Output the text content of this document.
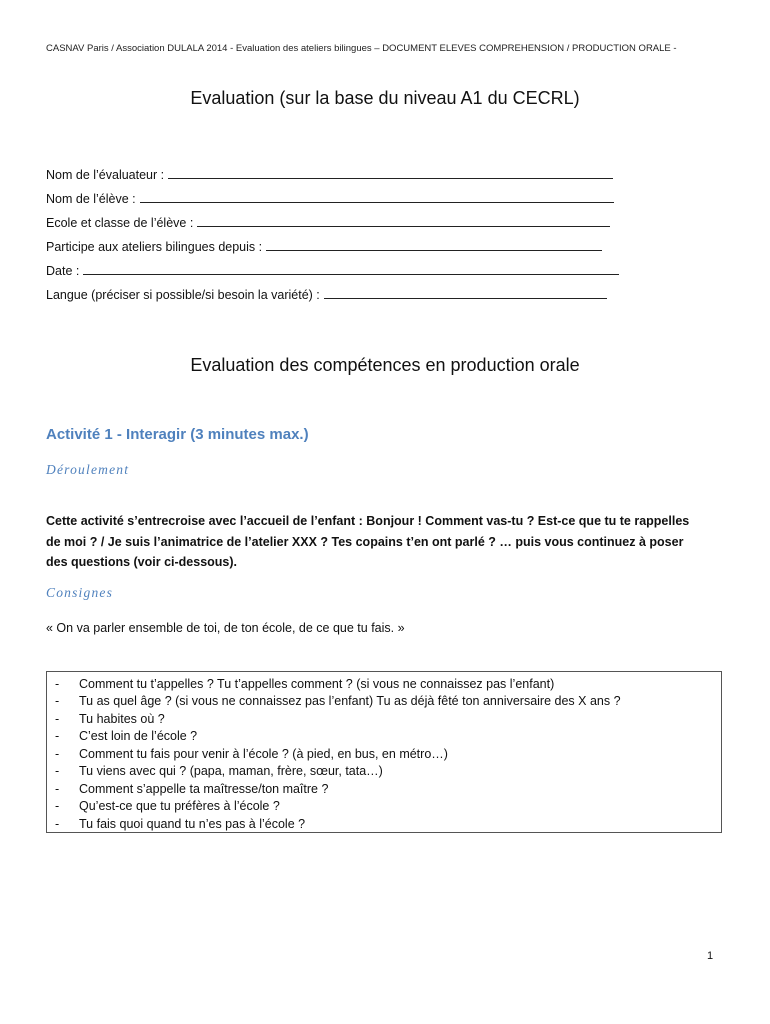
CASNAV Paris / Association DULALA 2014 - Evaluation des ateliers bilingues – DOCUMENT ELEVES COMPREHENSION / PRODUCTION ORALE -
Evaluation (sur la base du niveau A1 du CECRL)
Nom de l’évaluateur :
Nom de l’élève :
Ecole et classe de l’élève :
Participe aux ateliers bilingues depuis :
Date :
Langue (préciser si possible/si besoin la variété) :
Evaluation des compétences en production orale
Activité 1 - Interagir (3 minutes max.)
Déroulement
Cette activité s’entrecroise avec l’accueil de l’enfant : Bonjour ! Comment vas-tu ? Est-ce que tu te rappelles de moi ? / Je suis l’animatrice de l’atelier XXX ? Tes copains t’en ont parlé ? … puis vous continuez à poser des questions (voir ci-dessous).
Consignes
« On va parler ensemble de toi, de ton école, de ce que tu fais. »
-	Comment tu t’appelles ? Tu t’appelles comment ? (si vous ne connaissez pas l’enfant)
-	Tu as quel âge ? (si vous ne connaissez pas l’enfant) Tu as déjà fêté ton anniversaire des X ans ?
-	Tu habites où ?
-	C’est loin de l’école ?
-	Comment tu fais pour venir à l’école ? (à pied, en bus, en métro…)
-	Tu viens avec qui ? (papa, maman, frère, sœur, tata…)
-	Comment s’appelle ta maîtresse/ton maître ?
-	Qu’est-ce que tu préfères à l’école ?
-	Tu fais quoi quand tu n’es pas à l’école ?
1
